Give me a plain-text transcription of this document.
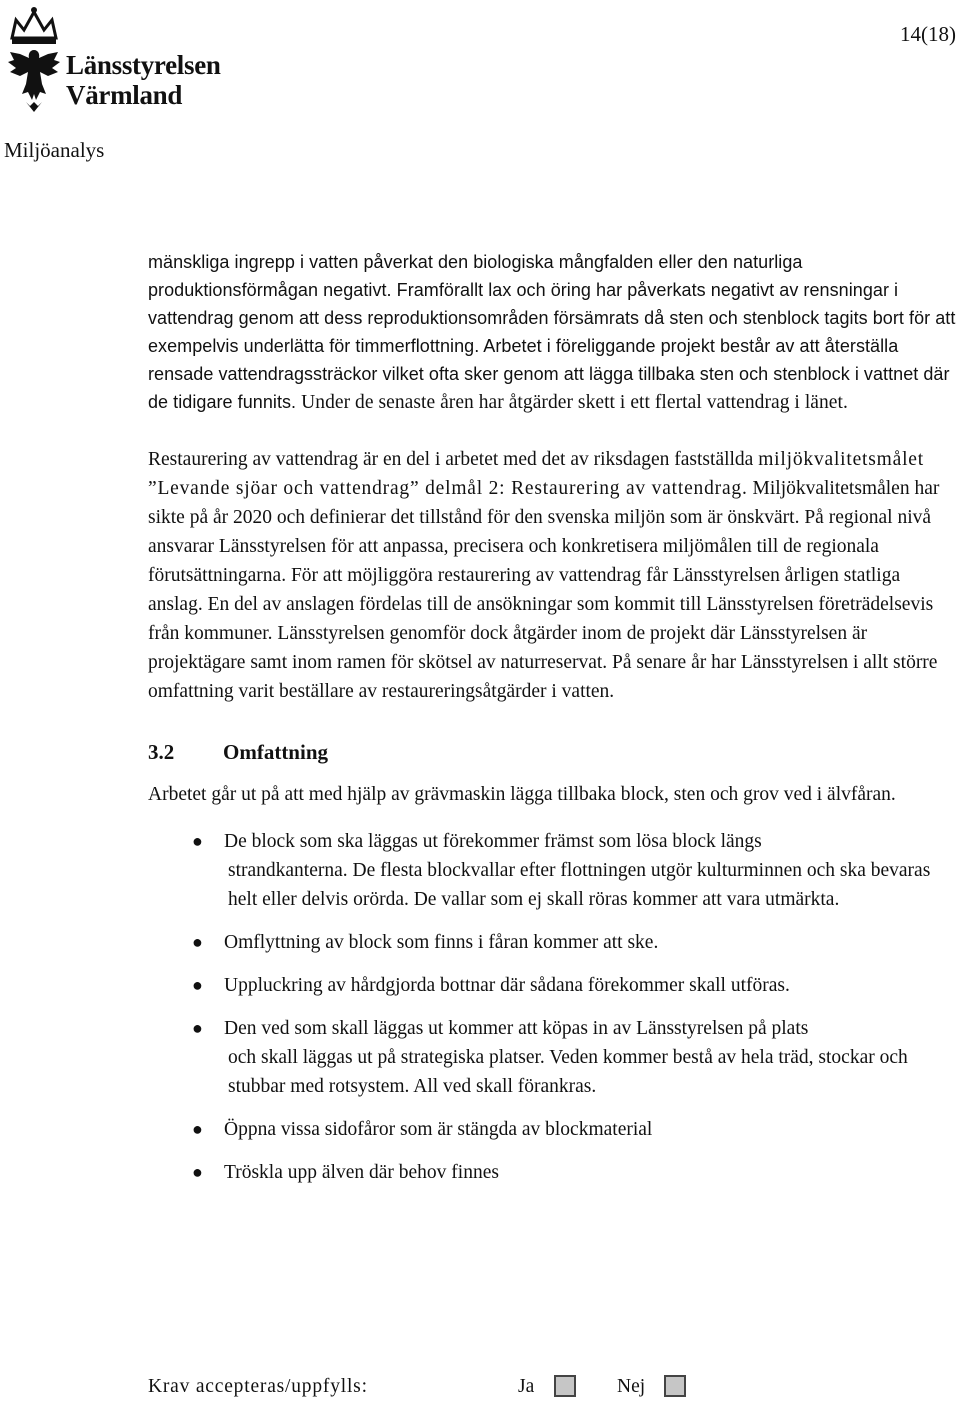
Länsstyrelsen
Värmland
14(18)
Miljöanalys

mänskliga ingrepp i vatten påverkat den biologiska mångfalden eller den naturliga produktionsförmågan negativt. Framförallt lax och öring har påverkats negativt av rensningar i vattendrag genom att dess reproduktionsområden försämrats då sten och stenblock tagits bort för att exempelvis underlätta för timmerflottning. Arbetet i föreliggande projekt består av att återställa rensade vattendragssträckor vilket ofta sker genom att lägga tillbaka sten och stenblock i vattnet där de tidigare funnits. Under de senaste åren har åtgärder skett i ett flertal vattendrag i länet.

Restaurering av vattendrag är en del i arbetet med det av riksdagen fastställda miljökvalitetsmålet ”Levande sjöar och vattendrag” delmål 2: Restaurering av vattendrag. Miljökvalitetsmålen har sikte på år 2020 och definierar det tillstånd för den svenska miljön som är önskvärt. På regional nivå ansvarar Länsstyrelsen för att anpassa, precisera och konkretisera miljömålen till de regionala förutsättningarna. För att möjliggöra restaurering av vattendrag får Länsstyrelsen årligen statliga anslag. En del av anslagen fördelas till de ansökningar som kommit till Länsstyrelsen företrädelsevis från kommuner. Länsstyrelsen genomför dock åtgärder inom de projekt där Länsstyrelsen är projektägare samt inom ramen för skötsel av naturreservat. På senare år har Länsstyrelsen i allt större omfattning varit beställare av restaureringsåtgärder i vatten.

3.2 Omfattning

Arbetet går ut på att med hjälp av grävmaskin lägga tillbaka block, sten och grov ved i älvfåran.

● De block som ska läggas ut förekommer främst som lösa block längs
strandkanterna. De flesta blockvallar efter flottningen utgör kulturminnen och ska bevaras helt eller delvis orörda. De vallar som ej skall röras kommer att vara utmärkta.
● Omflyttning av block som finns i fåran kommer att ske.
● Uppluckring av hårdgjorda bottnar där sådana förekommer skall utföras.
● Den ved som skall läggas ut kommer att köpas in av Länsstyrelsen på plats
och skall läggas ut på strategiska platser. Veden kommer bestå av hela träd, stockar och stubbar med rotsystem. All ved skall förankras.
● Öppna vissa sidofåror som är stängda av blockmaterial
● Tröskla upp älven där behov finnes
Krav accepteras/uppfylls:	Ja	Nej
